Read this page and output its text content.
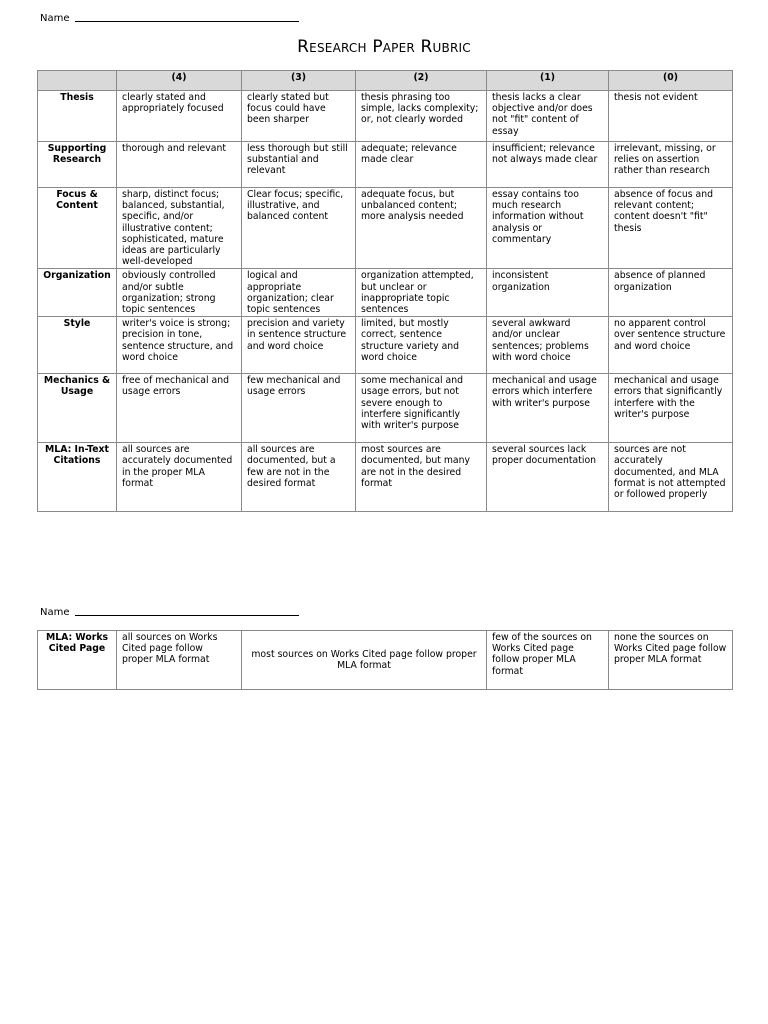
Name
Research Paper Rubric
	(4)	(3)	(2)	(1)	(0)
Thesis	clearly stated and appropriately focused	clearly stated but focus could have been sharper	thesis phrasing too simple, lacks complexity; or, not clearly worded	thesis lacks a clear objective and/or does not "fit" content of essay	thesis not evident
Supporting Research	thorough and relevant	less thorough but still substantial and relevant	adequate; relevance made clear	insufficient; relevance not always made clear	irrelevant, missing, or relies on assertion rather than research
Focus & Content	sharp, distinct focus; balanced, substantial, specific, and/or illustrative content; sophisticated, mature ideas are particularly well-developed	Clear focus; specific, illustrative, and balanced content	adequate focus, but unbalanced content; more analysis needed	essay contains too much research information without analysis or commentary	absence of focus and relevant content; content doesn't "fit" thesis
Organization	obviously controlled and/or subtle organization; strong topic sentences	logical and appropriate organization; clear topic sentences	organization attempted, but unclear or inappropriate topic sentences	inconsistent organization	absence of planned organization
Style	writer's voice is strong; precision in tone, sentence structure, and word choice	precision and variety in sentence structure and word choice	limited, but mostly correct, sentence structure variety and word choice	several awkward and/or unclear sentences; problems with word choice	no apparent control over sentence structure and word choice
Mechanics & Usage	free of mechanical and usage errors	few mechanical and usage errors	some mechanical and usage errors, but not severe enough to interfere significantly with writer's purpose	mechanical and usage errors which interfere with writer's purpose	mechanical and usage errors that significantly interfere with the writer's purpose
MLA: In-Text Citations	all sources are accurately documented in the proper MLA format	all sources are documented, but a few are not in the desired format	most sources are documented, but many are not in the desired format	several sources lack proper documentation	sources are not accurately documented, and MLA format is not attempted or followed properly
Name
MLA: Works Cited Page	all sources on Works Cited page follow proper MLA format	most sources on Works Cited page follow proper MLA format	few of the sources on Works Cited page follow proper MLA format	none the sources on Works Cited page follow proper MLA format
